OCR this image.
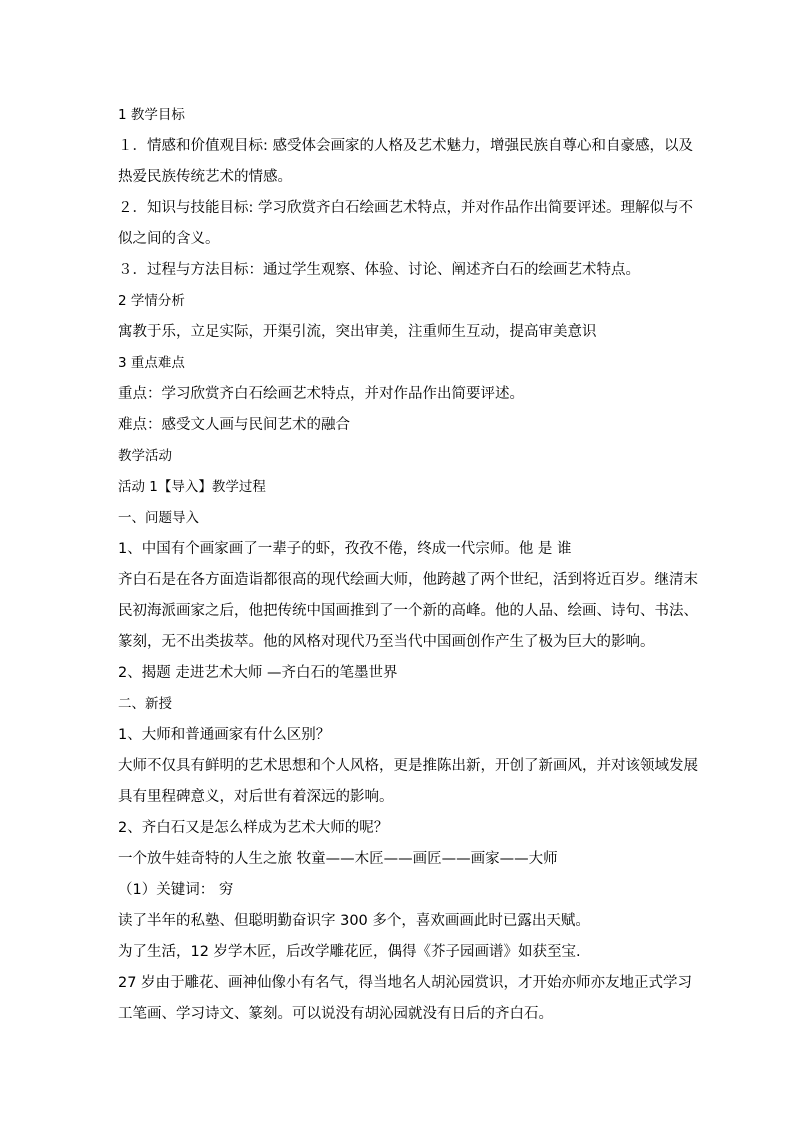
1 教学目标
１．情感和价值观目标: 感受体会画家的人格及艺术魅力，增强民族自尊心和自豪感，以及
热爱民族传统艺术的情感。
２．知识与技能目标: 学习欣赏齐白石绘画艺术特点，并对作品作出简要评述。理解似与不
似之间的含义。
３．过程与方法目标：通过学生观察、体验、讨论、阐述齐白石的绘画艺术特点。
2 学情分析
寓教于乐，立足实际，开渠引流，突出审美，注重师生互动，提高审美意识
3 重点难点
重点：学习欣赏齐白石绘画艺术特点，并对作品作出简要评述。
难点：感受文人画与民间艺术的融合
教学活动
活动 1【导入】教学过程
一、问题导入
1、中国有个画家画了一辈子的虾，孜孜不倦，终成一代宗师。他 是 谁
齐白石是在各方面造诣都很高的现代绘画大师，他跨越了两个世纪，活到将近百岁。继清末
民初海派画家之后，他把传统中国画推到了一个新的高峰。他的人品、绘画、诗句、书法、
篆刻，无不出类拔萃。他的风格对现代乃至当代中国画创作产生了极为巨大的影响。
2、揭题 走进艺术大师 —齐白石的笔墨世界
二、新授
1、大师和普通画家有什么区别？
大师不仅具有鲜明的艺术思想和个人风格，更是推陈出新，开创了新画风，并对该领域发展
具有里程碑意义，对后世有着深远的影响。
2、齐白石又是怎么样成为艺术大师的呢？
一个放牛娃奇特的人生之旅 牧童——木匠——画匠——画家——大师
（1）关键词： 穷
读了半年的私塾、但聪明勤奋识字 300 多个，喜欢画画此时已露出天赋。
为了生活，12 岁学木匠，后改学雕花匠，偶得《芥子园画谱》如获至宝.
27 岁由于雕花、画神仙像小有名气，得当地名人胡沁园赏识，才开始亦师亦友地正式学习
工笔画、学习诗文、篆刻。可以说没有胡沁园就没有日后的齐白石。
